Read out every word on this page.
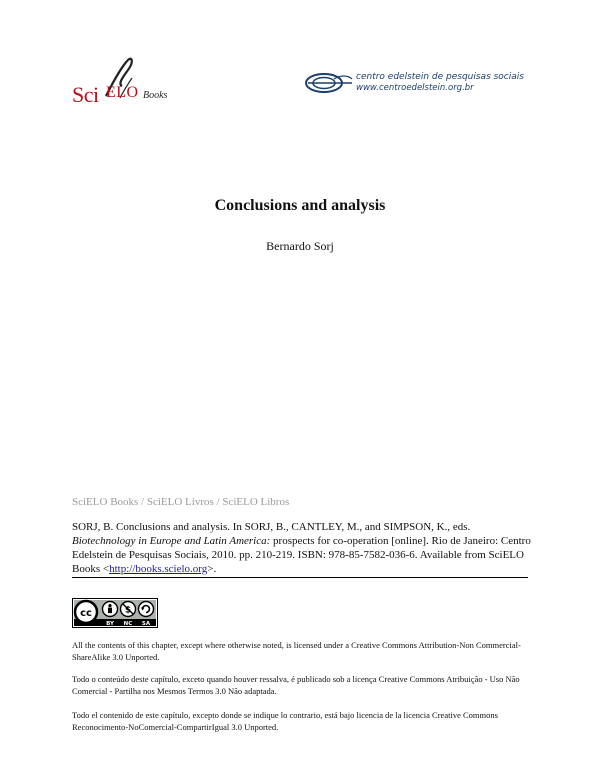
Sci ELO Books
centro edelstein de pesquisas sociais
www.centroedelstein.org.br
Conclusions and analysis
Bernardo Sorj
SciELO Books / SciELO Livros / SciELO Libros
SORJ, B. Conclusions and analysis. In SORJ, B., CANTLEY, M., and SIMPSON, K., eds. Biotechnology in Europe and Latin America: prospects for co-operation [online]. Rio de Janeiro: Centro Edelstein de Pesquisas Sociais, 2010. pp. 210-219. ISBN: 978-85-7582-036-6. Available from SciELO Books <http://books.scielo.org>.
cc	$
BY NC SA
All the contents of this chapter, except where otherwise noted, is licensed under a Creative Commons Attribution-Non Commercial-ShareAlike 3.0 Unported.
Todo o conteúdo deste capítulo, exceto quando houver ressalva, é publicado sob a licença Creative Commons Atribuição - Uso Não Comercial - Partilha nos Mesmos Termos 3.0 Não adaptada.
Todo el contenido de este capítulo, excepto donde se indique lo contrario, está bajo licencia de la licencia Creative Commons Reconocimento-NoComercial-CompartirIgual 3.0 Unported.
